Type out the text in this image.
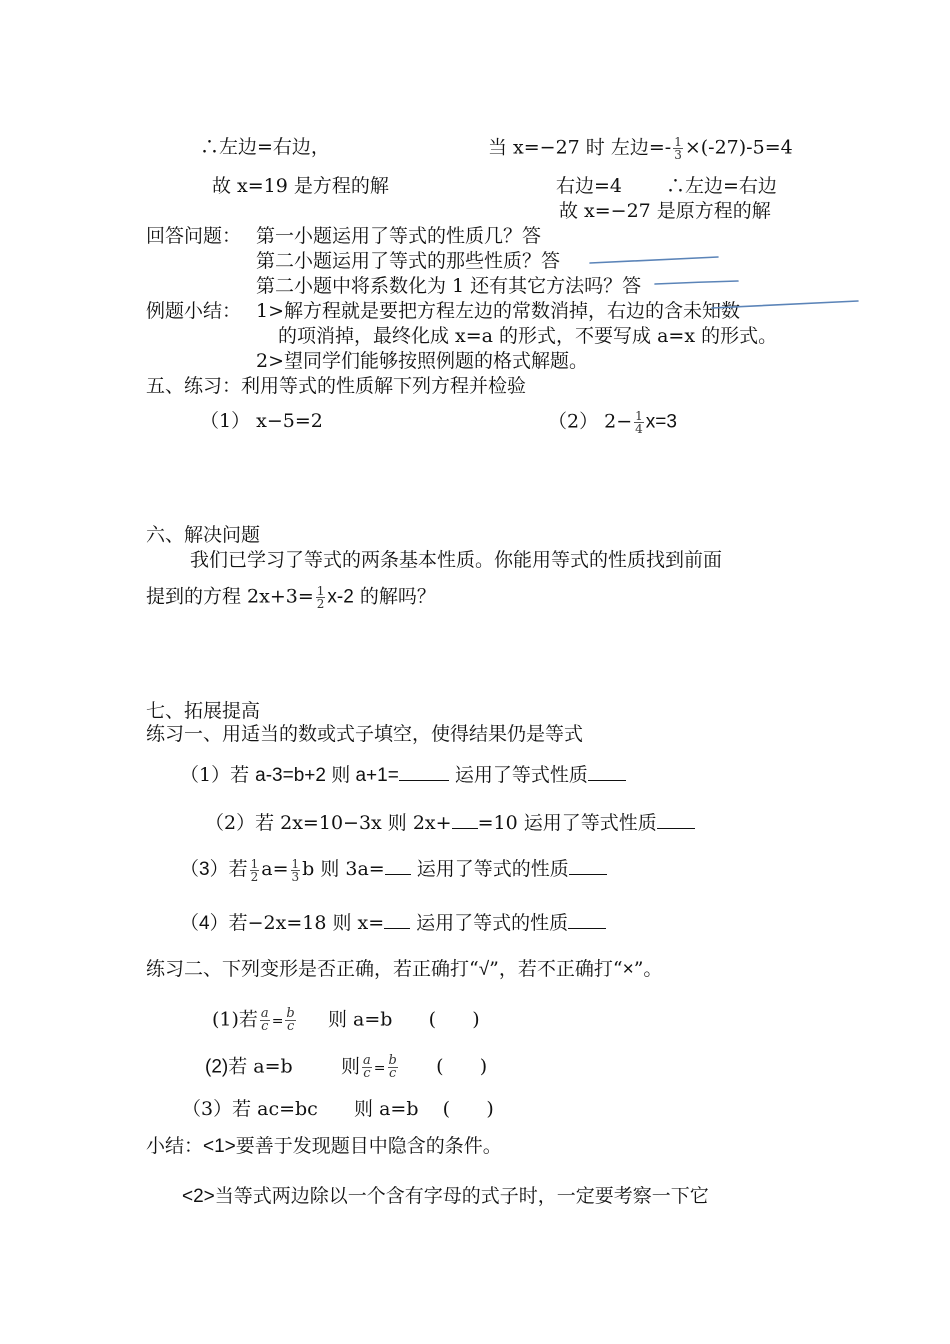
∴左边=右边，
故 x=19 是方程的解
当 x=−27 时 左边=- $\frac{1}{3} \times(-27)-5=4$
右边=4 ∴左边=右边
故 x=−27 是原方程的解
回答问题： 第一小题运用了等式的性质几？答
第二小题运用了等式的那些性质？答
第二小题中将系数化为 1 还有其它方法吗？答
例题小结： 1>解方程就是要把方程左边的常数消掉，右边的含未知数
的项消掉，最终化成 x=a 的形式，不要写成 a=x 的形式。
2>望同学们能够按照例题的格式解题。
五、练习：利用等式的性质解下列方程并检验
（1） x−5=2	（2） $2- \frac{1}{4} x=3$
六、解决问题
我们已学习了等式的两条基本性质。你能用等式的性质找到前面
提到的方程 $2x+3= \frac{1}{2} x-2$ 的解吗？
七、拓展提高
练习一、用适当的数或式子填空，使得结果仍是等式
（1）若 a-3=b+2 则 a+1=	运用了等式性质
（2）若 2x=10−3x 则 2x+ =10 运用了等式性质
（3）若 $\frac{1}{2} a= \frac{1}{3}$ b 则 3a= 运用了等式的性质
（4）若−2x=18 则 x= 运用了等式的性质
练习二、下列变形是否正确，若正确打“√”，若不正确打“×”。
(1)若 $\frac{a}{c} = \frac{b}{c}$ 则 a=b      (      )
(2)若 a=b        则 $\frac{a}{c} = \frac{b}{c}$ (      )
（3）若 ac=bc      则 a=b    (      )
小结：<1>要善于发现题目中隐含的条件。
<2>当等式两边除以一个含有字母的式子时，一定要考察一下它
